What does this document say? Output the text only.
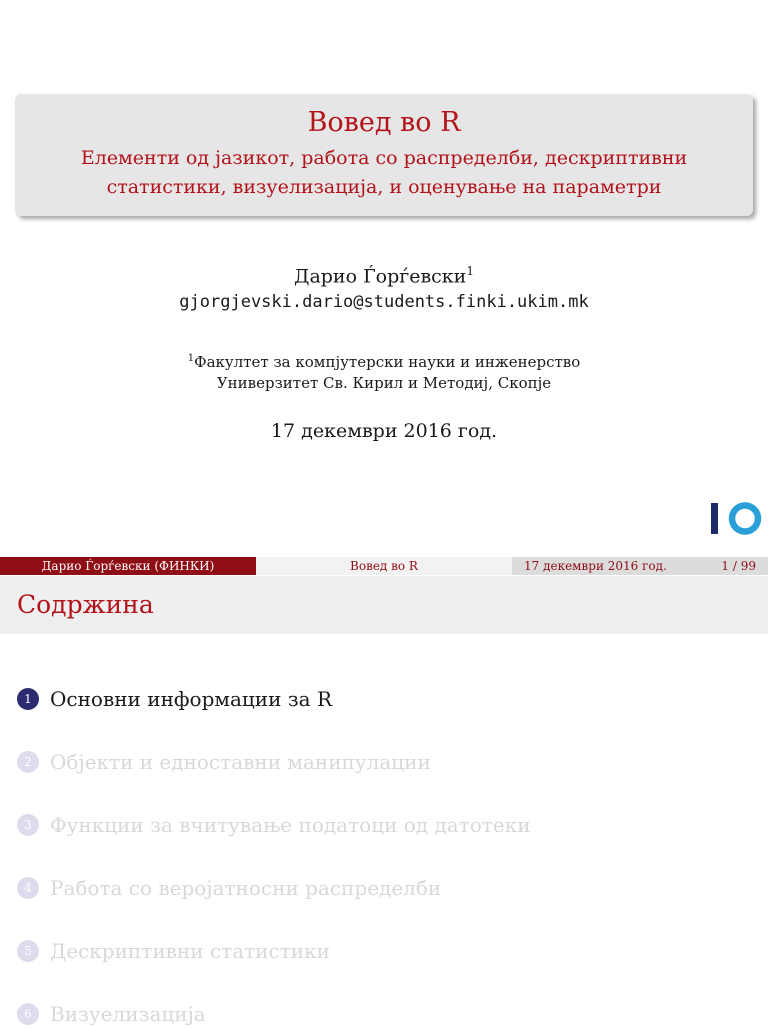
Вовед во R
Елементи од јазикот, работа со распределби, дескриптивни
статистики, визуелизација, и оценување на параметри
Дарио Ѓорѓевски$^1$
gjorgjevski.dario@students.finki.ukim.mk
$^1$Факултет за компјутерски науки и инженерство
Универзитет Св. Кирил и Методиј, Скопје
17 декември 2016 год.
Дарио Ѓорѓевски (ФИНКИ)	Вовед во R	17 декември 2016 год.	1 / 99
Содржина
1 Основни информации за R
2 Објекти и едноставни манипулации
3 Функции за вчитување податоци од датотеки
4 Работа со веројатносни распределби
5 Дескриптивни статистики
6 Визуелизација
